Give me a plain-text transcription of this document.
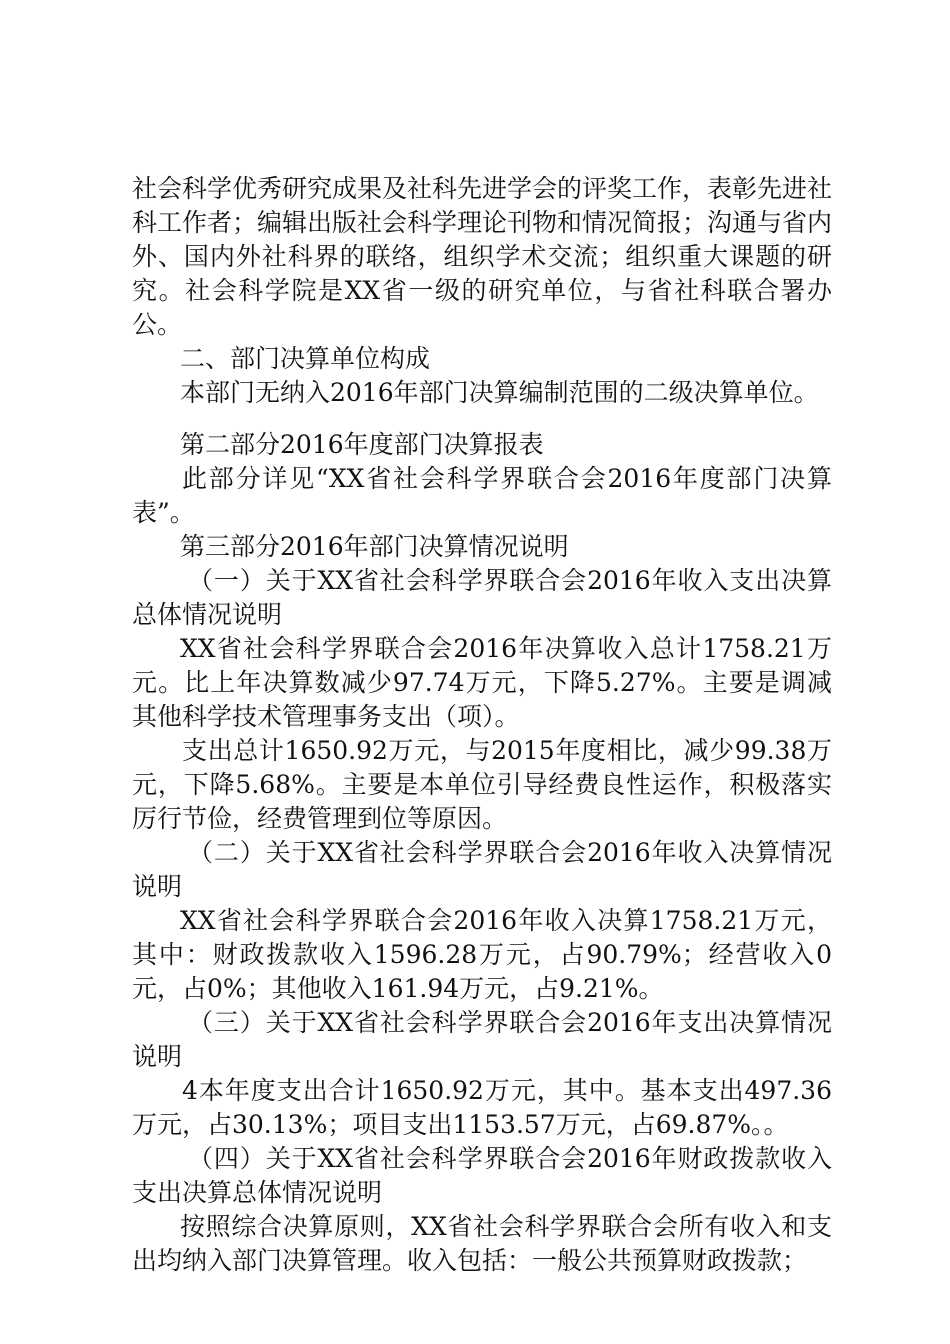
社会科学优秀研究成果及社科先进学会的评奖工作，表彰先进社科工作者；编辑出版社会科学理论刊物和情况简报；沟通与省内外、国内外社科界的联络，组织学术交流；组织重大课题的研究。社会科学院是XX省一级的研究单位，与省社科联合署办公。

二、部门决算单位构成

本部门无纳入2016年部门决算编制范围的二级决算单位。

第二部分2016年度部门决算报表

此部分详见“XX省社会科学界联合会2016年度部门决算表”。

第三部分2016年部门决算情况说明

（一）关于XX省社会科学界联合会2016年收入支出决算总体情况说明

XX省社会科学界联合会2016年决算收入总计1758.21万元。比上年决算数减少97.74万元，下降5.27%。主要是调减其他科学技术管理事务支出（项）。

支出总计1650.92万元，与2015年度相比，减少99.38万元，下降5.68%。主要是本单位引导经费良性运作，积极落实厉行节俭，经费管理到位等原因。

（二）关于XX省社会科学界联合会2016年收入决算情况说明

XX省社会科学界联合会2016年收入决算1758.21万元，其中：财政拨款收入1596.28万元，占90.79%；经营收入0元，占0%；其他收入161.94万元，占9.21%。

（三）关于XX省社会科学界联合会2016年支出决算情况说明

4本年度支出合计1650.92万元，其中。基本支出497.36万元，占30.13%；项目支出1153.57万元，占69.87%。。

（四）关于XX省社会科学界联合会2016年财政拨款收入支出决算总体情况说明

按照综合决算原则，XX省社会科学界联合会所有收入和支出均纳入部门决算管理。收入包括：一般公共预算财政拨款；
